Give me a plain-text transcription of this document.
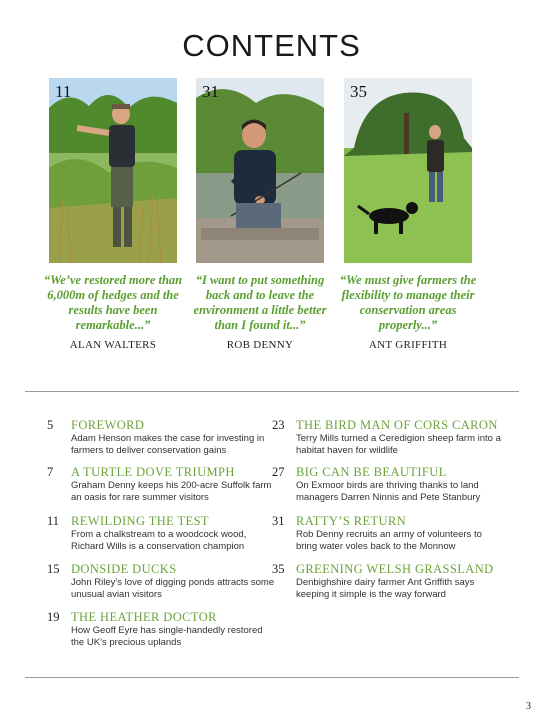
CONTENTS
11	31	35
“We’ve restored more than 6,000m of hedges and the results have been remarkable...”
“I want to put something back and to leave the environment a little better than I found it...”
“We must give farmers the flexibility to manage their conservation areas properly...”
ALAN WALTERS	ROB DENNY	ANT GRIFFITH
5 FOREWORD
Adam Henson makes the case for investing in farmers to deliver conservation gains
7 A TURTLE DOVE TRIUMPH
Graham Denny keeps his 200-acre Suffolk farm an oasis for rare summer visitors
11 REWILDING THE TEST
From a chalkstream to a woodcock wood, Richard Wills is a conservation champion
15 DONSIDE DUCKS
John Riley’s love of digging ponds attracts some unusual avian visitors
19 THE HEATHER DOCTOR
How Geoff Eyre has single-handedly restored the UK’s precious uplands
23 THE BIRD MAN OF CORS CARON
Terry Mills turned a Ceredigion sheep farm into a habitat haven for wildlife
27 BIG CAN BE BEAUTIFUL
On Exmoor birds are thriving thanks to land managers Darren Ninnis and Pete Stanbury
31 RATTY’S RETURN
Rob Denny recruits an army of volunteers to bring water voles back to the Monnow
35 GREENING WELSH GRASSLAND
Denbighshire dairy farmer Ant Griffith says keeping it simple is the way forward
3
